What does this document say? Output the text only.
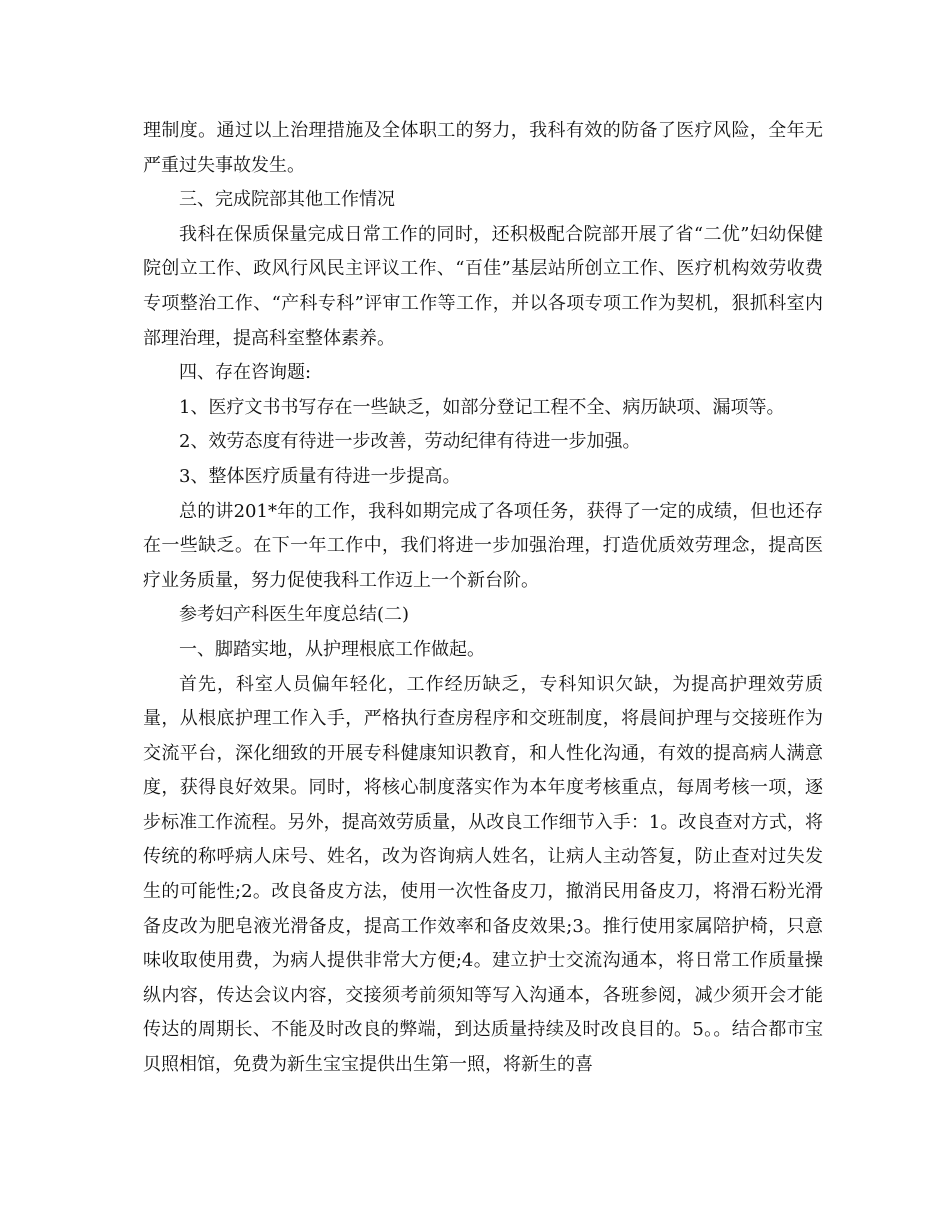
理制度。通过以上治理措施及全体职工的努力，我科有效的防备了医疗风险，全年无严重过失事故发生。

三、完成院部其他工作情况

我科在保质保量完成日常工作的同时，还积极配合院部开展了省“二优”妇幼保健院创立工作、政风行风民主评议工作、“百佳”基层站所创立工作、医疗机构效劳收费专项整治工作、“产科专科”评审工作等工作，并以各项专项工作为契机，狠抓科室内部理治理，提高科室整体素养。

四、存在咨询题:

1、医疗文书书写存在一些缺乏，如部分登记工程不全、病历缺项、漏项等。

2、效劳态度有待进一步改善，劳动纪律有待进一步加强。

3、整体医疗质量有待进一步提高。

总的讲201*年的工作，我科如期完成了各项任务，获得了一定的成绩，但也还存在一些缺乏。在下一年工作中，我们将进一步加强治理，打造优质效劳理念，提高医疗业务质量，努力促使我科工作迈上一个新台阶。

参考妇产科医生年度总结(二)

一、脚踏实地，从护理根底工作做起。

首先，科室人员偏年轻化，工作经历缺乏，专科知识欠缺，为提高护理效劳质量，从根底护理工作入手，严格执行查房程序和交班制度，将晨间护理与交接班作为交流平台，深化细致的开展专科健康知识教育，和人性化沟通，有效的提高病人满意度，获得良好效果。同时，将核心制度落实作为本年度考核重点，每周考核一项，逐步标准工作流程。另外，提高效劳质量，从改良工作细节入手：1。改良查对方式，将传统的称呼病人床号、姓名，改为咨询病人姓名，让病人主动答复，防止查对过失发生的可能性;2。改良备皮方法，使用一次性备皮刀，撤消民用备皮刀，将滑石粉光滑备皮改为肥皂液光滑备皮，提高工作效率和备皮效果;3。推行使用家属陪护椅，只意味收取使用费，为病人提供非常大方便;4。建立护士交流沟通本，将日常工作质量操纵内容，传达会议内容，交接须考前须知等写入沟通本，各班参阅，减少须开会才能传达的周期长、不能及时改良的弊端，到达质量持续及时改良目的。5。。结合都市宝贝照相馆，免费为新生宝宝提供出生第一照，将新生的喜
